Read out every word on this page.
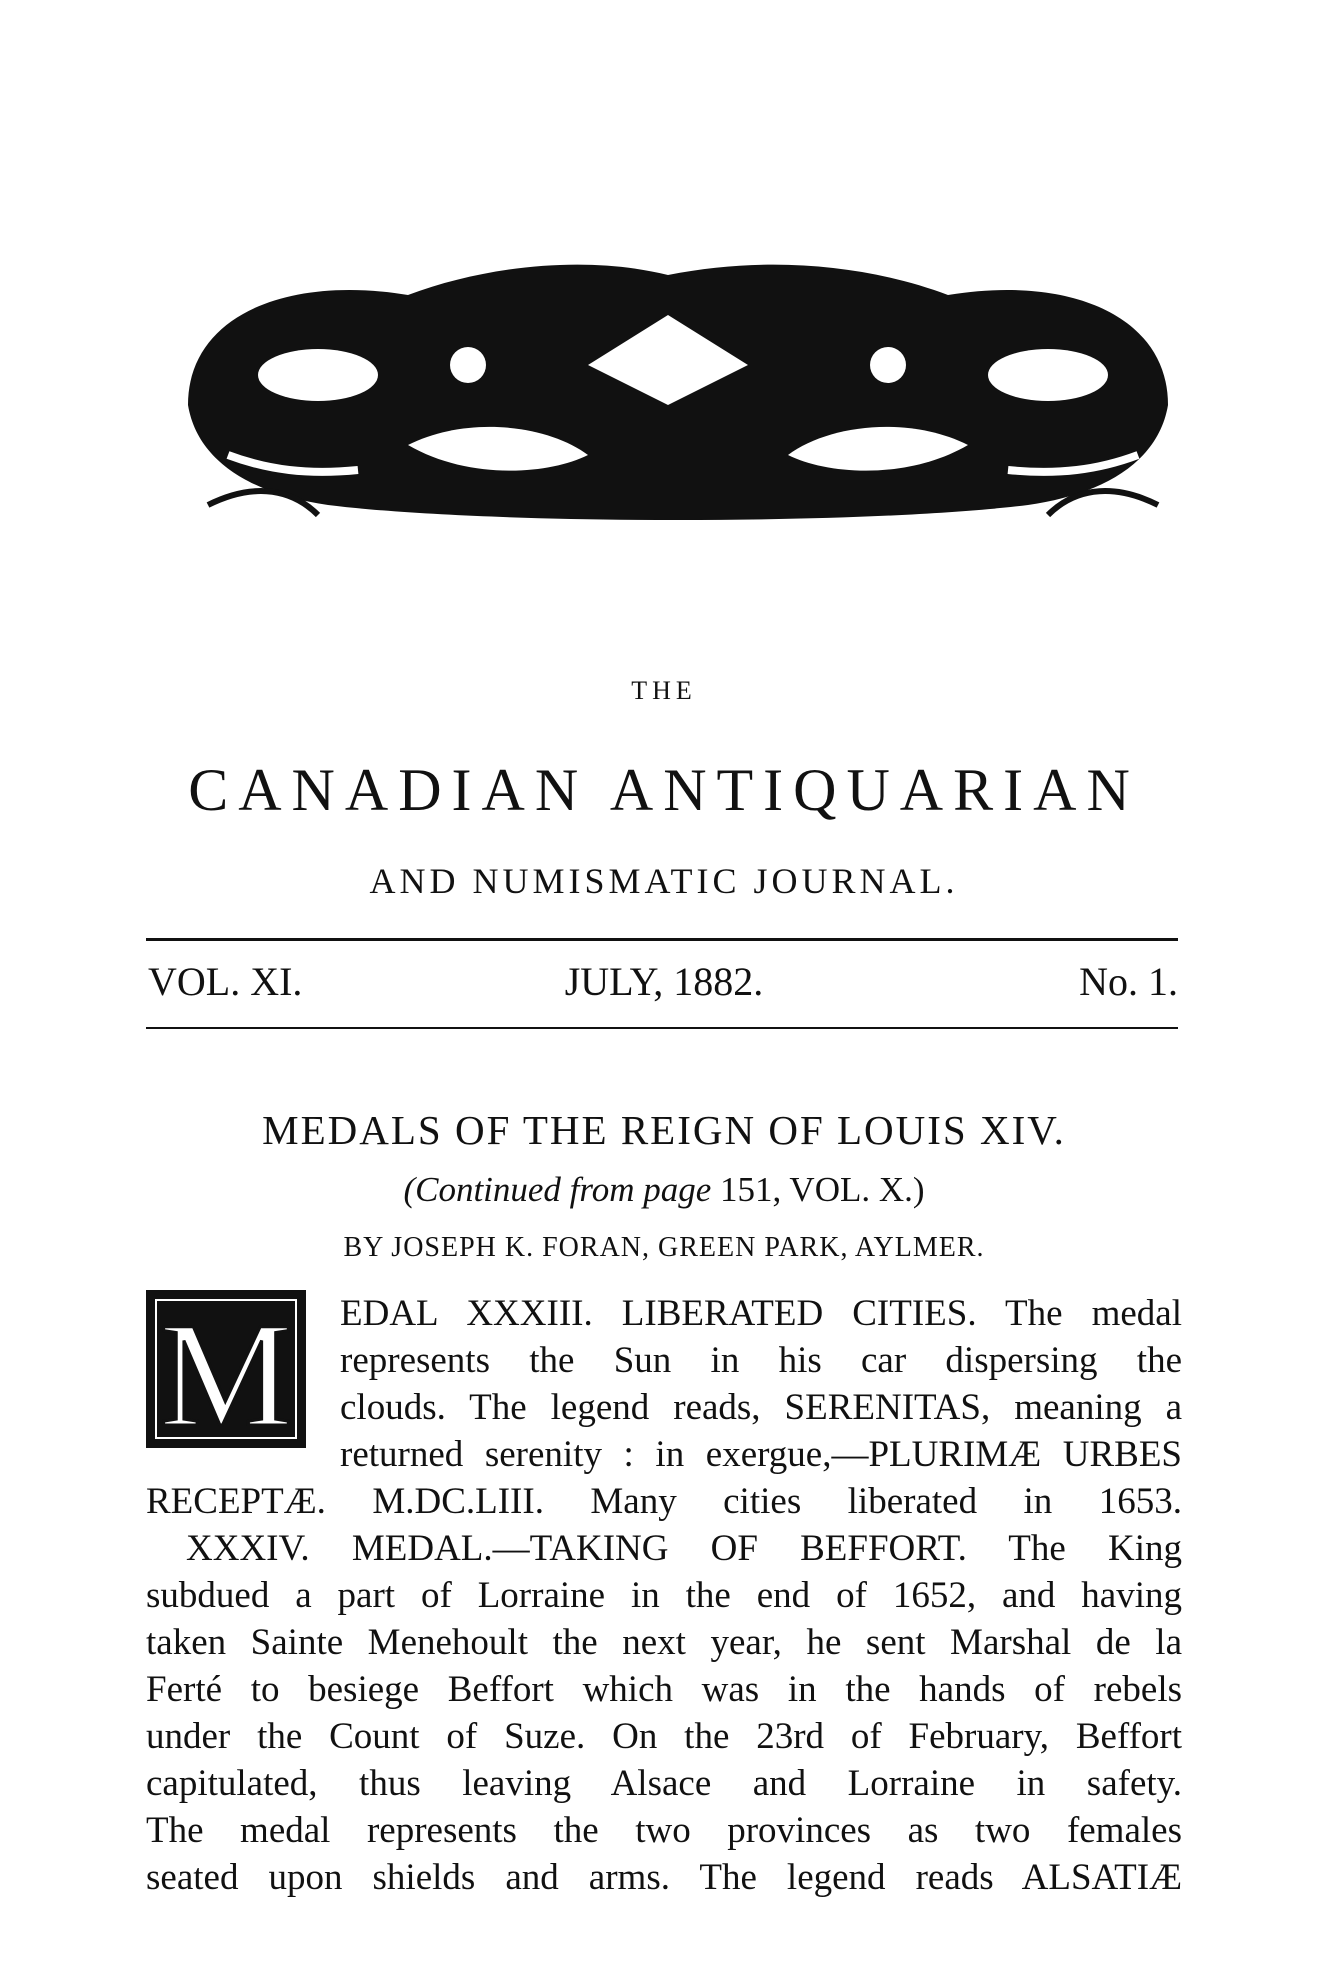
THE
CANADIAN ANTIQUARIAN
AND NUMISMATIC JOURNAL.
VOL. XI.	JULY, 1882.	No. 1.
MEDALS OF THE REIGN OF LOUIS XIV.
(Continued from page 151, VOL. X.)
BY JOSEPH K. FORAN, GREEN PARK, AYLMER.
M EDAL XXXIII. LIBERATED CITIES. The medal
represents the Sun in his car dispersing the
clouds. The legend reads, SERENITAS, meaning a
returned serenity : in exergue,—PLURIMÆ URBES
RECEPTÆ. M.DC.LIII. Many cities liberated in 1653.
XXXIV. MEDAL.—TAKING OF BEFFORT. The King
subdued a part of Lorraine in the end of 1652, and having
taken Sainte Menehoult the next year, he sent Marshal de la
Ferté to besiege Beffort which was in the hands of rebels
under the Count of Suze. On the 23rd of February, Beffort
capitulated, thus leaving Alsace and Lorraine in safety.
The medal represents the two provinces as two females
seated upon shields and arms. The legend reads ALSATIÆ
